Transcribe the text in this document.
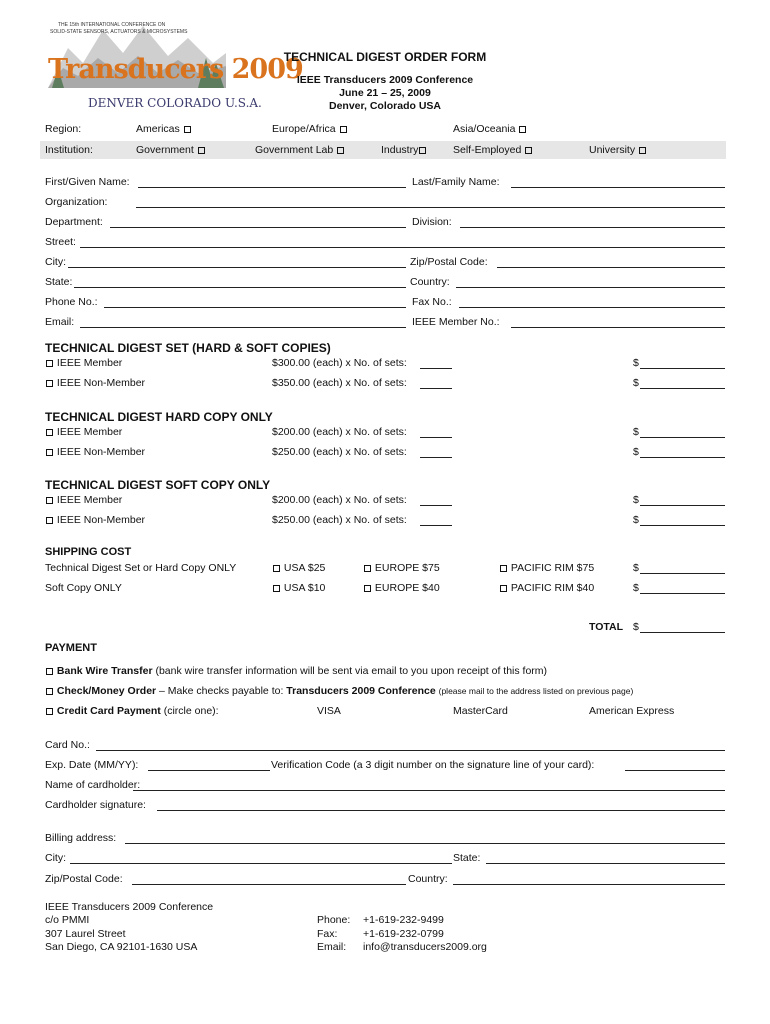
THE 15th INTERNATIONAL CONFERENCE ON
SOLID-STATE SENSORS, ACTUATORS & MICROSYSTEMS
Transducers 2009
DENVER COLORADO U.S.A.
TECHNICAL DIGEST ORDER FORM
IEEE Transducers 2009 Conference
June 21 – 25, 2009
Denver, Colorado USA
Region:	Americas	Europe/Africa	Asia/Oceania
Institution:	Government	Government Lab	Industry	Self-Employed	University
First/Given Name:	Last/Family Name:
Organization:
Department:	Division:
Street:
City:	Zip/Postal Code:
State:	Country:
Phone No.:	Fax No.:
Email:	IEEE Member No.:
TECHNICAL DIGEST SET (HARD & SOFT COPIES)
IEEE Member	$300.00 (each) x No. of sets:	$
IEEE Non-Member	$350.00 (each) x No. of sets:	$
TECHNICAL DIGEST HARD COPY ONLY
IEEE Member	$200.00 (each) x No. of sets:	$
IEEE Non-Member	$250.00 (each) x No. of sets:	$
TECHNICAL DIGEST SOFT COPY ONLY
IEEE Member	$200.00 (each) x No. of sets:	$
IEEE Non-Member	$250.00 (each) x No. of sets:	$
SHIPPING COST
Technical Digest Set or Hard Copy ONLY	USA $25	EUROPE $75	PACIFIC RIM $75	$
Soft Copy ONLY	USA $10	EUROPE $40	PACIFIC RIM $40	$
TOTAL $
PAYMENT
Bank Wire Transfer (bank wire transfer information will be sent via email to you upon receipt of this form)
Check/Money Order – Make checks payable to: Transducers 2009 Conference (please mail to the address listed on previous page)
Credit Card Payment (circle one):	VISA	MasterCard	American Express
Card No.:
Exp. Date (MM/YY):	Verification Code (a 3 digit number on the signature line of your card):
Name of cardholder:
Cardholder signature:
Billing address:
City:	State:
Zip/Postal Code:	Country:
IEEE Transducers 2009 Conference
c/o PMMI
307 Laurel Street
San Diego, CA 92101-1630 USA
Phone: +1-619-232-9499
Fax: +1-619-232-0799
Email: info@transducers2009.org
